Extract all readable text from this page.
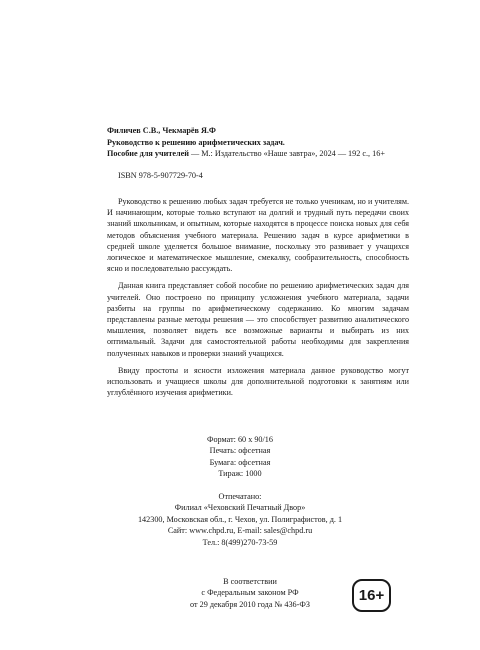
Филичев С.В., Чекмарёв Я.Ф
Руководство к решению арифметических задач.
Пособие для учителей — М.: Издательство «Наше завтра», 2024 — 192 с., 16+
ISBN 978-5-907729-70-4

Руководство к решению любых задач требуется не только ученикам, но и учителям. И начинающим, которые только вступают на долгий и трудный путь передачи своих знаний школьникам, и опытным, которые находятся в процессе поиска новых для себя методов объяснения учебного материала. Решению задач в курсе арифметики в средней школе уделяется большое внимание, поскольку это развивает у учащихся логическое и математическое мышление, смекалку, сообразительность, способность ясно и последовательно рассуждать.

Данная книга представляет собой пособие по решению арифметических задач для учителей. Оно построено по принципу усложнения учебного материала, задачи разбиты на группы по арифметическому содержанию. Ко многим задачам представлены разные методы решения — это способствует развитию аналитического мышления, позволяет видеть все возможные варианты и выбирать из них оптимальный. Задачи для самостоятельной работы необходимы для закрепления полученных навыков и проверки знаний учащихся.

Ввиду простоты и ясности изложения материала данное руководство могут использовать и учащиеся школы для дополнительной подготовки к занятиям или углублённого изучения арифметики.

Формат: 60 х 90/16
Печать: офсетная
Бумага: офсетная
Тираж: 1000
Отпечатано:
Филиал «Чеховский Печатный Двор»
142300, Московская обл., г. Чехов, ул. Полиграфистов, д. 1
Сайт: www.chpd.ru, E-mail: sales@chpd.ru
Тел.: 8(499)270-73-59
В соответствии
с Федеральным законом РФ
от 29 декабря 2010 года № 436-ФЗ
16+
